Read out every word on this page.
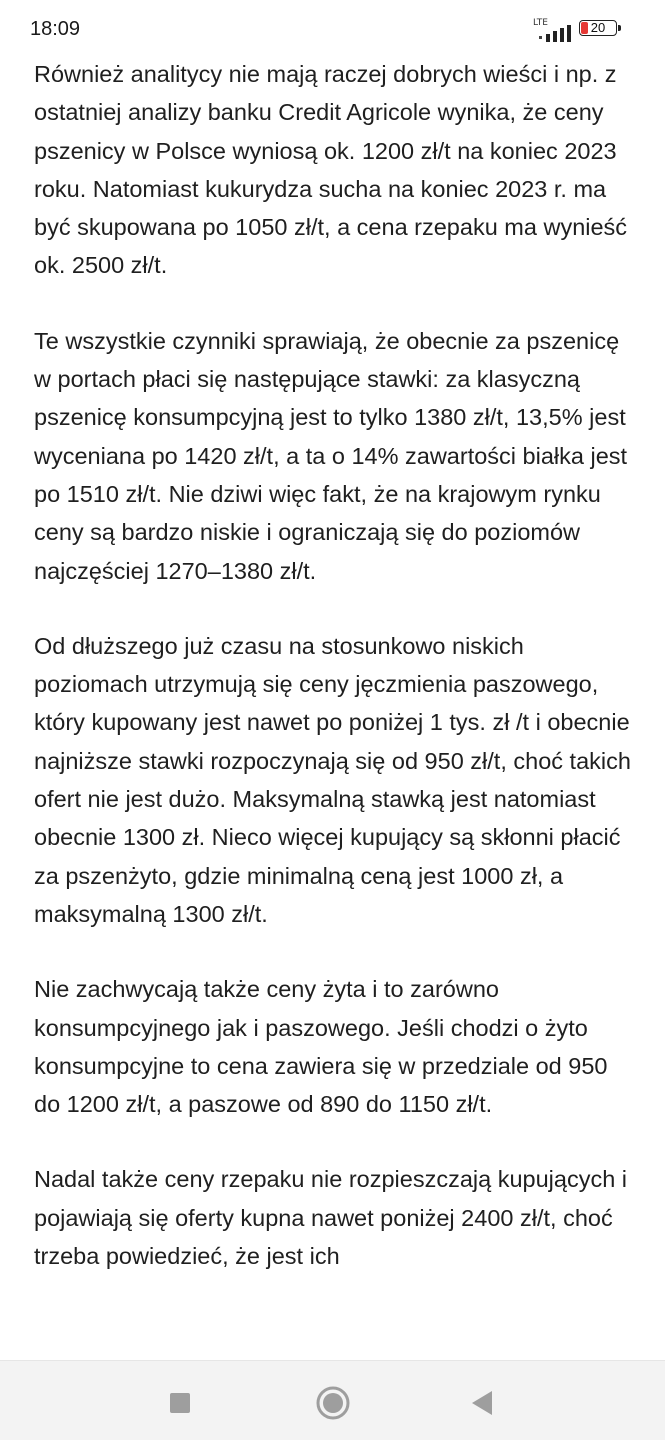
18:09	LTE	20

Również analitycy nie mają raczej dobrych wieści i np. z ostatniej analizy banku Credit Agricole wynika, że ceny pszenicy w Polsce wyniosą ok. 1200 zł/t na koniec 2023 roku. Natomiast kukurydza sucha na koniec 2023 r. ma być skupowana po 1050 zł/t, a cena rzepaku ma wynieść ok. 2500 zł/t.

Te wszystkie czynniki sprawiają, że obecnie za pszenicę w portach płaci się następujące stawki: za klasyczną pszenicę konsumpcyjną jest to tylko 1380 zł/t, 13,5% jest wyceniana po 1420 zł/t, a ta o 14% zawartości białka jest po 1510 zł/t. Nie dziwi więc fakt, że na krajowym rynku ceny są bardzo niskie i ograniczają się do poziomów najczęściej 1270–1380 zł/t.

Od dłuższego już czasu na stosunkowo niskich poziomach utrzymują się ceny jęczmienia paszowego, który kupowany jest nawet po poniżej 1 tys. zł /t i obecnie najniższe stawki rozpoczynają się od 950 zł/t, choć takich ofert nie jest dużo. Maksymalną stawką jest natomiast obecnie 1300 zł. Nieco więcej kupujący są skłonni płacić za pszenżyto, gdzie minimalną ceną jest 1000 zł, a maksymalną 1300 zł/t.

Nie zachwycają także ceny żyta i to zarówno konsumpcyjnego jak i paszowego. Jeśli chodzi o żyto konsumpcyjne to cena zawiera się w przedziale od 950 do 1200 zł/t, a paszowe od 890 do 1150 zł/t.

Nadal także ceny rzepaku nie rozpieszczają kupujących i pojawiają się oferty kupna nawet poniżej 2400 zł/t, choć trzeba powiedzieć, że jest ich
